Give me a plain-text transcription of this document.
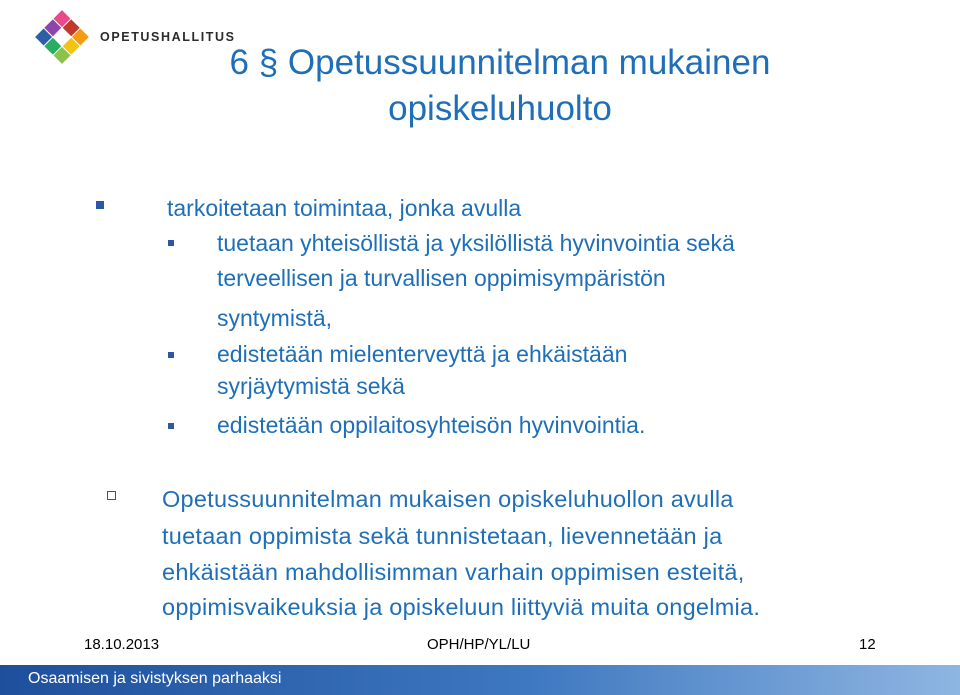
OPETUSHALLITUS
6 § Opetussuunnitelman mukainen
opiskeluhuolto
tarkoitetaan toimintaa, jonka avulla
tuetaan yhteisöllistä ja yksilöllistä hyvinvointia sekä
terveellisen ja turvallisen oppimisympäristön
syntymistä,
edistetään mielenterveyttä ja ehkäistään
syrjäytymistä sekä
edistetään oppilaitosyhteisön hyvinvointia.
Opetussuunnitelman mukaisen opiskeluhuollon avulla
tuetaan oppimista sekä tunnistetaan, lievennetään ja
ehkäistään mahdollisimman varhain oppimisen esteitä,
oppimisvaikeuksia ja opiskeluun liittyviä muita ongelmia.
18.10.2013	OPH/HP/YL/LU	12
Osaamisen ja sivistyksen parhaaksi
